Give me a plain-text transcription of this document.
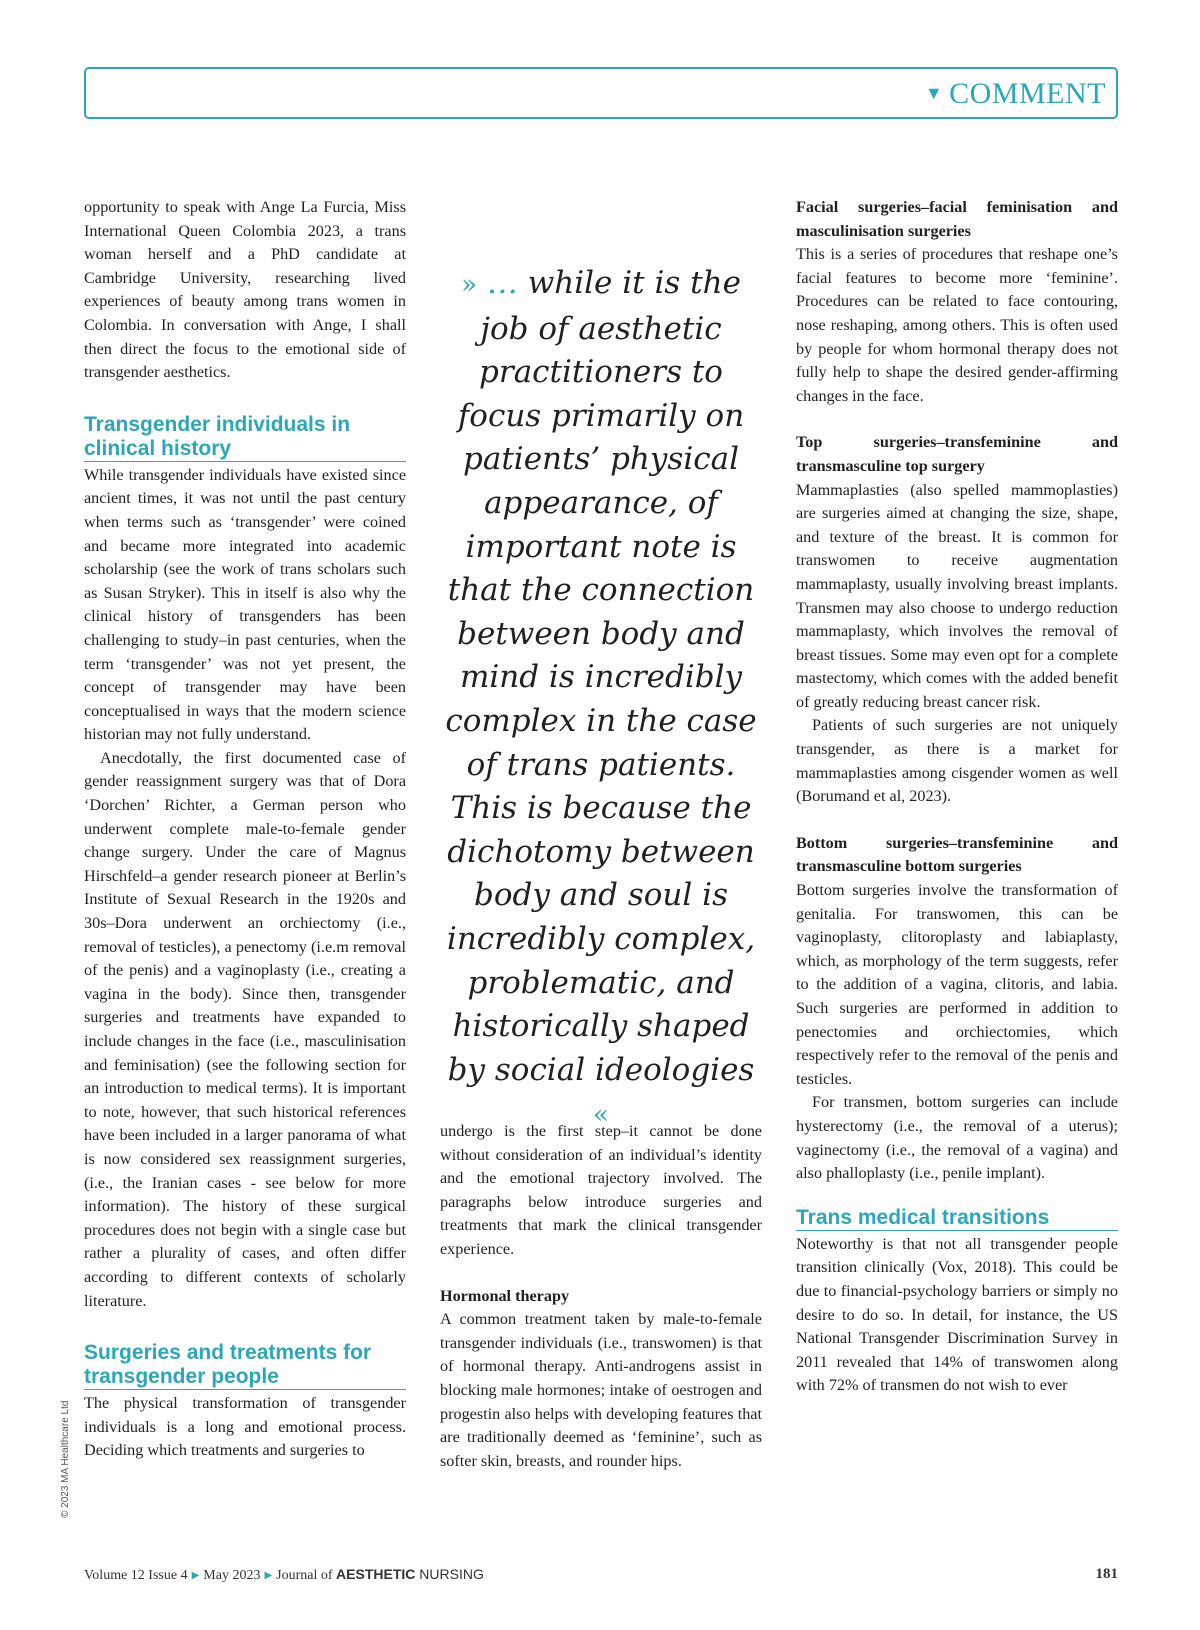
▼ COMMENT

opportunity to speak with Ange La Furcia, Miss International Queen Colombia 2023, a trans woman herself and a PhD candidate at Cambridge University, researching lived experiences of beauty among trans women in Colombia. In conversation with Ange, I shall then direct the focus to the emotional side of transgender aesthetics.

Transgender individuals in clinical history

While transgender individuals have existed since ancient times, it was not until the past century when terms such as ‘transgender’ were coined and became more integrated into academic scholarship (see the work of trans scholars such as Susan Stryker). This in itself is also why the clinical history of transgenders has been challenging to study–in past centuries, when the term ‘transgender’ was not yet present, the concept of transgender may have been conceptualised in ways that the modern science historian may not fully understand.

Anecdotally, the first documented case of gender reassignment surgery was that of Dora ‘Dorchen’ Richter, a German person who underwent complete male-to-female gender change surgery. Under the care of Magnus Hirschfeld–a gender research pioneer at Berlin’s Institute of Sexual Research in the 1920s and 30s–Dora underwent an orchiectomy (i.e., removal of testicles), a penectomy (i.e.m removal of the penis) and a vaginoplasty (i.e., creating a vagina in the body). Since then, transgender surgeries and treatments have expanded to include changes in the face (i.e., masculinisation and feminisation) (see the following section for an introduction to medical terms). It is important to note, however, that such historical references have been included in a larger panorama of what is now considered sex reassignment surgeries, (i.e., the Iranian cases - see below for more information). The history of these surgical procedures does not begin with a single case but rather a plurality of cases, and often differ according to different contexts of scholarly literature.

Surgeries and treatments for transgender people

The physical transformation of transgender individuals is a long and emotional process. Deciding which treatments and surgeries to

» … while it is the job of aesthetic practitioners to focus primarily on patients’ physical appearance, of important note is that the connection between body and mind is incredibly complex in the case of trans patients. This is because the dichotomy between body and soul is incredibly complex, problematic, and historically shaped by social ideologies «

undergo is the first step–it cannot be done without consideration of an individual’s identity and the emotional trajectory involved. The paragraphs below introduce surgeries and treatments that mark the clinical transgender experience.

Hormonal therapy

A common treatment taken by male-to-female transgender individuals (i.e., transwomen) is that of hormonal therapy. Anti-androgens assist in blocking male hormones; intake of oestrogen and progestin also helps with developing features that are traditionally deemed as ‘feminine’, such as softer skin, breasts, and rounder hips.

Facial surgeries–facial feminisation and masculinisation surgeries

This is a series of procedures that reshape one’s facial features to become more ‘feminine’. Procedures can be related to face contouring, nose reshaping, among others. This is often used by people for whom hormonal therapy does not fully help to shape the desired gender-affirming changes in the face.

Top surgeries–transfeminine and transmasculine top surgery

Mammaplasties (also spelled mammoplasties) are surgeries aimed at changing the size, shape, and texture of the breast. It is common for transwomen to receive augmentation mammaplasty, usually involving breast implants. Transmen may also choose to undergo reduction mammaplasty, which involves the removal of breast tissues. Some may even opt for a complete mastectomy, which comes with the added benefit of greatly reducing breast cancer risk.

Patients of such surgeries are not uniquely transgender, as there is a market for mammaplasties among cisgender women as well (Borumand et al, 2023).

Bottom surgeries–transfeminine and transmasculine bottom surgeries

Bottom surgeries involve the transformation of genitalia. For transwomen, this can be vaginoplasty, clitoroplasty and labiaplasty, which, as morphology of the term suggests, refer to the addition of a vagina, clitoris, and labia. Such surgeries are performed in addition to penectomies and orchiectomies, which respectively refer to the removal of the penis and testicles.

For transmen, bottom surgeries can include hysterectomy (i.e., the removal of a uterus); vaginectomy (i.e., the removal of a vagina) and also phalloplasty (i.e., penile implant).

Trans medical transitions

Noteworthy is that not all transgender people transition clinically (Vox, 2018). This could be due to financial-psychology barriers or simply no desire to do so. In detail, for instance, the US National Transgender Discrimination Survey in 2011 revealed that 14% of transwomen along with 72% of transmen do not wish to ever

© 2023 MA Healthcare Ltd
Volume 12 Issue 4 ▶ May 2023 ▶ Journal of AESTHETIC NURSING	181
